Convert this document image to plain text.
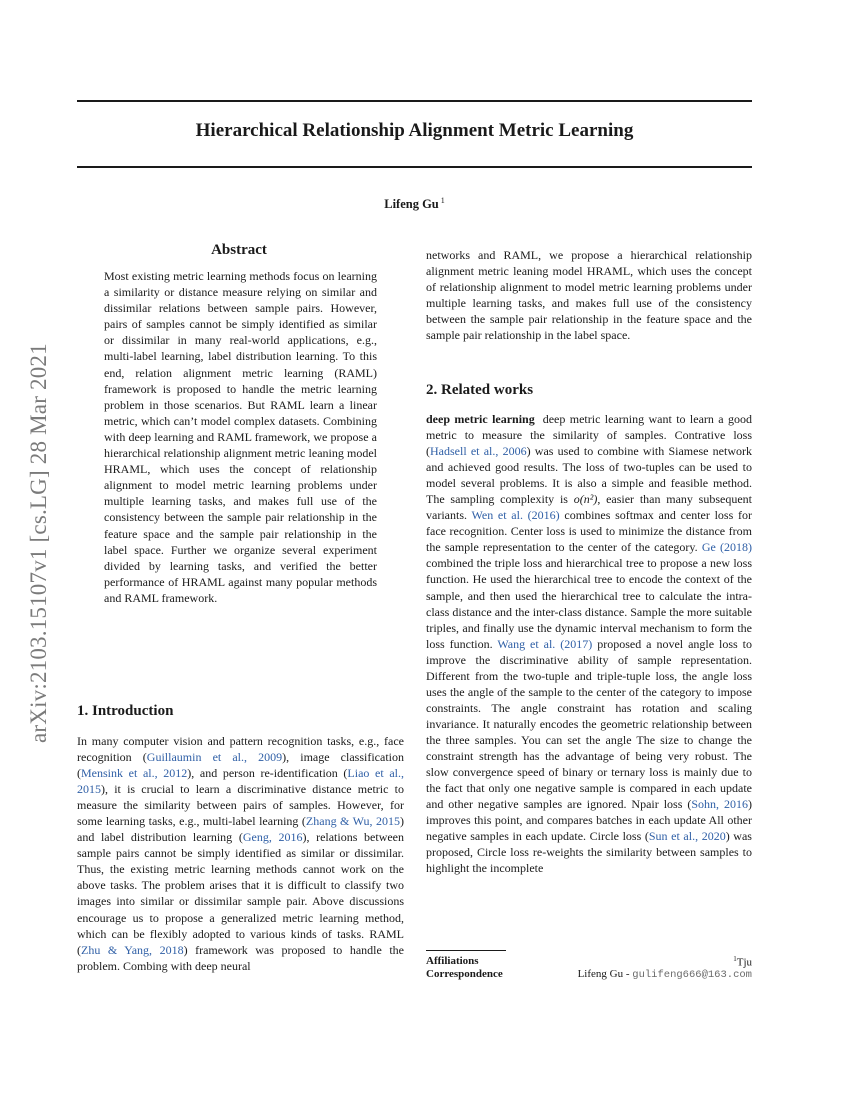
Hierarchical Relationship Alignment Metric Learning
Lifeng Gu $^1$
arXiv:2103.15107v1 [cs.LG] 28 Mar 2021
Abstract
Most existing metric learning methods focus on learning a similarity or distance measure relying on similar and dissimilar relations between sample pairs. However, pairs of samples cannot be simply identified as similar or dissimilar in many real-world applications, e.g., multi-label learning, label distribution learning. To this end, relation alignment metric learning (RAML) framework is proposed to handle the metric learning problem in those scenarios. But RAML learn a linear metric, which can’t model complex datasets. Combining with deep learning and RAML framework, we propose a hierarchical relationship alignment metric leaning model HRAML, which uses the concept of relationship alignment to model metric learning problems under multiple learning tasks, and makes full use of the consistency between the sample pair relationship in the feature space and the sample pair relationship in the label space. Further we organize several experiment divided by learning tasks, and verified the better performance of HRAML against many popular methods and RAML framework.
1. Introduction
In many computer vision and pattern recognition tasks, e.g., face recognition (Guillaumin et al., 2009), image classification (Mensink et al., 2012), and person re-identification (Liao et al., 2015), it is crucial to learn a discriminative distance metric to measure the similarity between pairs of samples. However, for some learning tasks, e.g., multi-label learning (Zhang & Wu, 2015) and label distribution learning (Geng, 2016), relations between sample pairs cannot be simply identified as similar or dissimilar. Thus, the existing metric learning methods cannot work on the above tasks. The problem arises that it is difficult to classify two images into similar or dissimilar sample pair. Above discussions encourage us to propose a generalized metric learning method, which can be flexibly adopted to various kinds of tasks. RAML (Zhu & Yang, 2018) framework was proposed to handle the problem. Combing with deep neural
networks and RAML, we propose a hierarchical relationship alignment metric leaning model HRAML, which uses the concept of relationship alignment to model metric learning problems under multiple learning tasks, and makes full use of the consistency between the sample pair relationship in the feature space and the sample pair relationship in the label space.
2. Related works
deep metric learning deep metric learning want to learn a good metric to measure the similarity of samples. Contrative loss (Hadsell et al., 2006) was used to combine with Siamese network and achieved good results. The loss of two-tuples can be used to model several problems. It is also a simple and feasible method. The sampling complexity is o(n²), easier than many subsequent variants. Wen et al. (2016) combines softmax and center loss for face recognition. Center loss is used to minimize the distance from the sample representation to the center of the category. Ge (2018) combined the triple loss and hierarchical tree to propose a new loss function. He used the hierarchical tree to encode the context of the sample, and then used the hierarchical tree to calculate the intra-class distance and the inter-class distance. Sample the more suitable triples, and finally use the dynamic interval mechanism to form the loss function. Wang et al. (2017) proposed a novel angle loss to improve the discriminative ability of sample representation. Different from the two-tuple and triple-tuple loss, the angle loss uses the angle of the sample to the center of the category to impose constraints. The angle constraint has rotation and scaling invariance. It naturally encodes the geometric relationship between the three samples. You can set the angle The size to change the constraint strength has the advantage of being very robust. The slow convergence speed of binary or ternary loss is mainly due to the fact that only one negative sample is compared in each update and other negative samples are ignored. Npair loss (Sohn, 2016) improves this point, and compares batches in each update All other negative samples in each update. Circle loss (Sun et al., 2020) was proposed, Circle loss re-weights the similarity between samples to highlight the incomplete
Affiliations	$^1$Tju
Correspondence	Lifeng Gu - gulifeng666@163.com
